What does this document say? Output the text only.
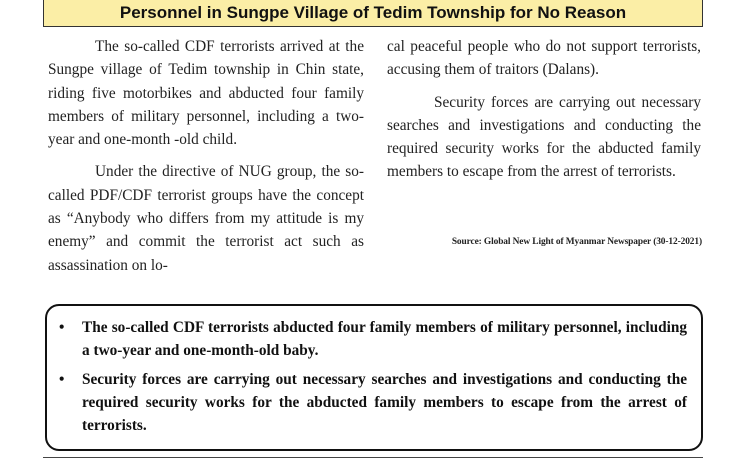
Personnel in Sungpe Village of Tedim Township for No Reason

The so-called CDF terrorists arrived at the Sungpe village of Tedim township in Chin state, riding five motorbikes and abducted four family members of military personnel, including a two-year and one-month -old child.

Under the directive of NUG group, the so-called PDF/CDF terrorist groups have the concept as “Anybody who differs from my attitude is my enemy” and commit the terrorist act such as assassination on lo-

cal peaceful people who do not support terrorists, accusing them of traitors (Dalans).

Security forces are carrying out necessary searches and investigations and conducting the required security works for the abducted family members to escape from the arrest of terrorists.

Source: Global New Light of Myanmar Newspaper (30-12-2021)
• The so-called CDF terrorists abducted four family members of military personnel, including a two-year and one-month-old baby.
• Security forces are carrying out necessary searches and investigations and conducting the required security works for the abducted family members to escape from the arrest of terrorists.
